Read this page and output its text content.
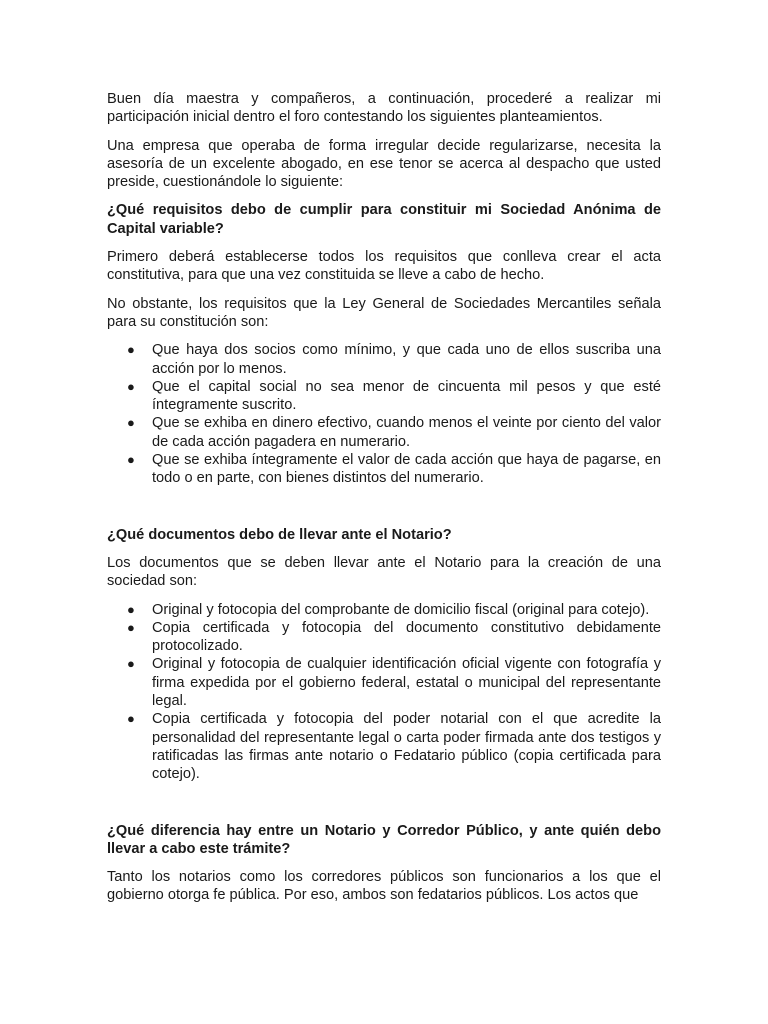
Buen día maestra y compañeros, a continuación, procederé a realizar mi participación inicial dentro el foro contestando los siguientes planteamientos.

Una empresa que operaba de forma irregular decide regularizarse, necesita la asesoría de un excelente abogado, en ese tenor se acerca al despacho que usted preside, cuestionándole lo siguiente:

¿Qué requisitos debo de cumplir para constituir mi Sociedad Anónima de Capital variable?

Primero deberá establecerse todos los requisitos que conlleva crear el acta constitutiva, para que una vez constituida se lleve a cabo de hecho.

No obstante, los requisitos que la Ley General de Sociedades Mercantiles señala para su constitución son:

● Que haya dos socios como mínimo, y que cada uno de ellos suscriba una acción por lo menos.
● Que el capital social no sea menor de cincuenta mil pesos y que esté íntegramente suscrito.
● Que se exhiba en dinero efectivo, cuando menos el veinte por ciento del valor de cada acción pagadera en numerario.
● Que se exhiba íntegramente el valor de cada acción que haya de pagarse, en todo o en parte, con bienes distintos del numerario.

¿Qué documentos debo de llevar ante el Notario?

Los documentos que se deben llevar ante el Notario para la creación de una sociedad son:

● Original y fotocopia del comprobante de domicilio fiscal (original para cotejo).
● Copia certificada y fotocopia del documento constitutivo debidamente protocolizado.
● Original y fotocopia de cualquier identificación oficial vigente con fotografía y firma expedida por el gobierno federal, estatal o municipal del representante legal.
● Copia certificada y fotocopia del poder notarial con el que acredite la personalidad del representante legal o carta poder firmada ante dos testigos y ratificadas las firmas ante notario o Fedatario público (copia certificada para cotejo).

¿Qué diferencia hay entre un Notario y Corredor Público, y ante quién debo llevar a cabo este trámite?

Tanto los notarios como los corredores públicos son funcionarios a los que el gobierno otorga fe pública. Por eso, ambos son fedatarios públicos. Los actos que
